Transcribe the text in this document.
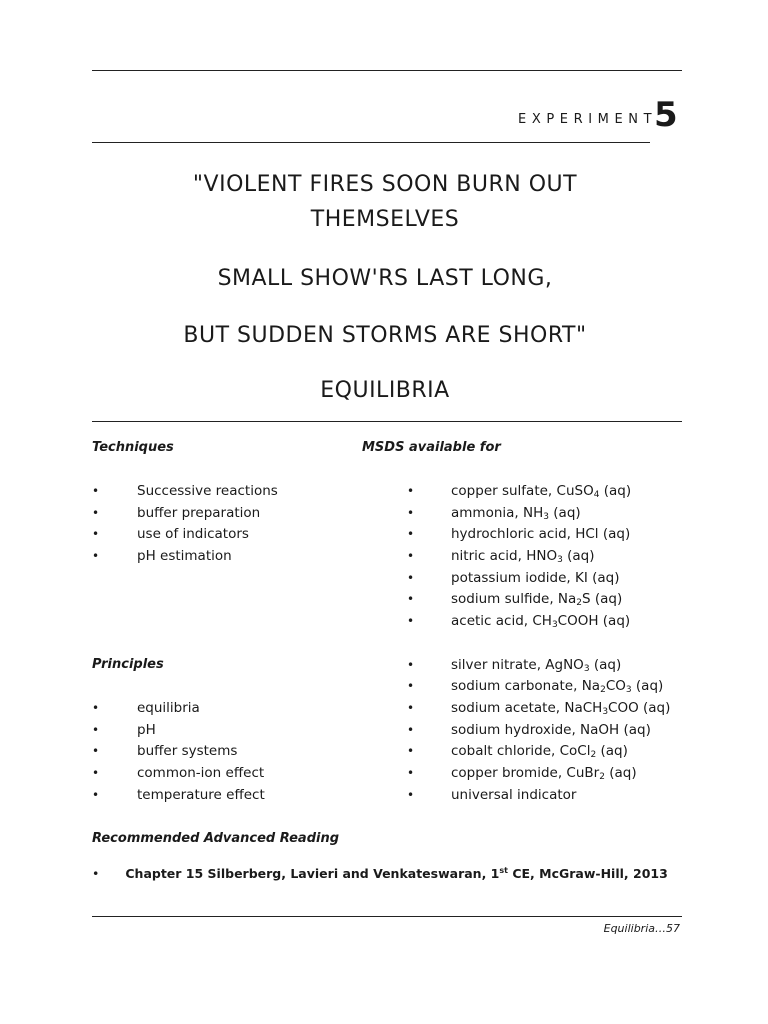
EXPERIMENT
5
"VIOLENT FIRES SOON BURN OUT
THEMSELVES
SMALL SHOW'RS LAST LONG,
BUT SUDDEN STORMS ARE SHORT"
EQUILIBRIA
Techniques
•	Successive reactions
•	buffer preparation
•	use of indicators
•	pH estimation
Principles
•	equilibria
•	pH
•	buffer systems
•	common-ion effect
•	temperature effect
MSDS available for
•	copper sulfate, CuSO$_4$ (aq)
•	ammonia, $NH_3$ (aq)
•	hydrochloric acid, HCl (aq)
•	nitric acid, $HNO_3$ (aq)
•	potassium iodide, KI (aq)
•	sodium sulfide, $Na_2S$ (aq)
•	acetic acid, $CH_3COOH$ (aq)
•	silver nitrate, AgNO$_3$ (aq)
•	sodium carbonate, $Na_2CO_3$ (aq)
•	sodium acetate, NaCH$_3$COO (aq)
•	sodium hydroxide, NaOH (aq)
•	cobalt chloride, CoCl$_2$ (aq)
•	copper bromide, CuBr$_2$ (aq)
•	universal indicator
Recommended Advanced Reading
• Chapter 15 Silberberg, Lavieri and Venkateswaran, 1st CE, McGraw-Hill, 2013
Equilibria…57
